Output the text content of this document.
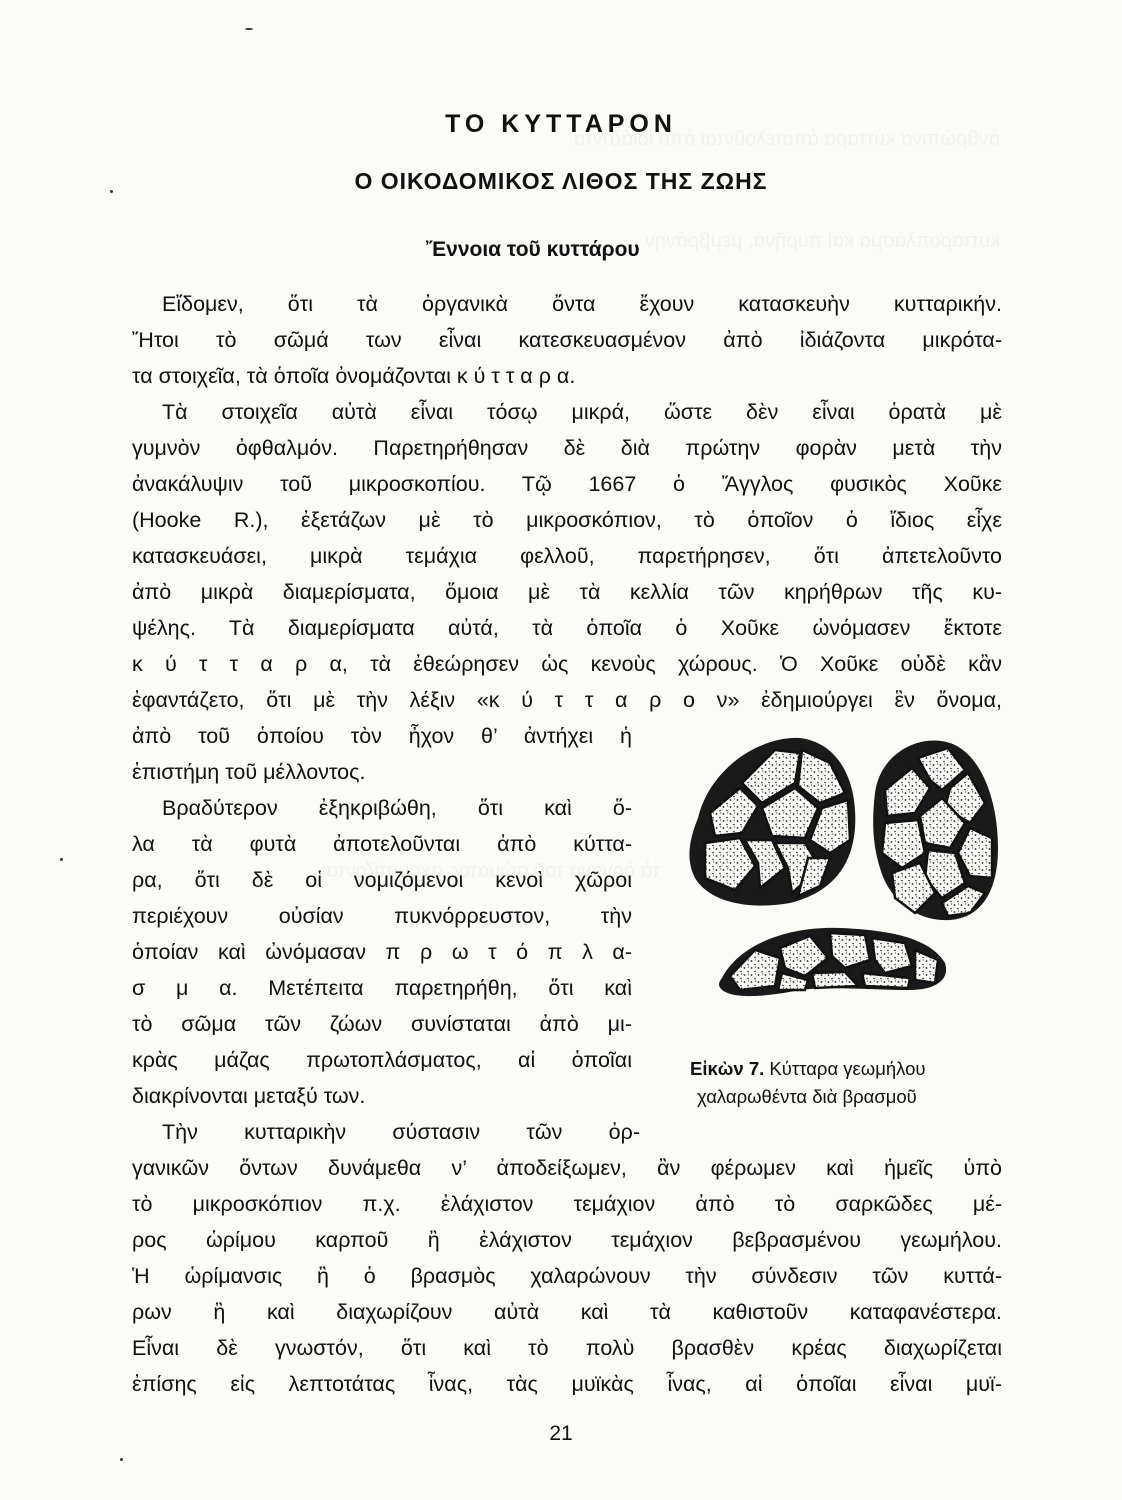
ΤΟ ΚΥΤΤΑΡΟΝ
Ο ΟΙΚΟΔΟΜΙΚΟΣ ΛΙΘΟΣ ΤΗΣ ΖΩΗΣ
Ἔννοια τοῦ κυττάρου
Εἴδομεν, ὅτι τὰ ὀργανικὰ ὄντα ἔχουν κατασκευὴν κυτταρικήν.
Ἤτοι τὸ σῶμά των εἶναι κατεσκευασμένον ἀπὸ ἰδιάζοντα μικρότα-
τα στοιχεῖα, τὰ ὁποῖα ὀνομάζονται κ ύ τ τ α ρ α.
Τὰ στοιχεῖα αὐτὰ εἶναι τόσῳ μικρά, ὥστε δὲν εἶναι ὁρατὰ μὲ
γυμνὸν ὀφθαλμόν. Παρετηρήθησαν δὲ διὰ πρώτην φορὰν μετὰ τὴν
ἀνακάλυψιν τοῦ μικροσκοπίου. Τῷ 1667 ὁ Ἄγγλος φυσικὸς Χοῦκε
(Hooke R.), ἐξετάζων μὲ τὸ μικροσκόπιον, τὸ ὁποῖον ὁ ἴδιος εἶχε
κατασκευάσει, μικρὰ τεμάχια φελλοῦ, παρετήρησεν, ὅτι ἀπετελοῦντο
ἀπὸ μικρὰ διαμερίσματα, ὅμοια μὲ τὰ κελλία τῶν κηρήθρων τῆς κυ-
ψέλης. Τὰ διαμερίσματα αὐτά, τὰ ὁποῖα ὁ Χοῦκε ὠνόμασεν ἔκτοτε
κ ύ τ τ α ρ α, τὰ ἐθεώρησεν ὡς κενοὺς χώρους. Ὁ Χοῦκε οὐδὲ κἂν
ἐφαντάζετο, ὅτι μὲ τὴν λέξιν «κ ύ τ τ α ρ ο ν» ἐδημιούργει ἓν ὄνομα,
ἀπὸ τοῦ ὁποίου τὸν ἦχον θ’ ἀντήχει ἡ
ἐπιστήμη τοῦ μέλλοντος.
Βραδύτερον ἐξηκριβώθη, ὅτι καὶ ὅ-
λα τὰ φυτὰ ἀποτελοῦνται ἀπὸ κύττα-
ρα, ὅτι δὲ οἱ νομιζόμενοι κενοὶ χῶροι
περιέχουν οὐσίαν πυκνόρρευστον, τὴν
ὁποίαν καὶ ὠνόμασαν π ρ ω τ ό π λ α-
σ μ α. Μετέπειτα παρετηρήθη, ὅτι καὶ
τὸ σῶμα τῶν ζώων συνίσταται ἀπὸ μι-
κρὰς μάζας πρωτοπλάσματος, αἱ ὁποῖαι
διακρίνονται μεταξύ των.
Τὴν κυτταρικὴν σύστασιν τῶν ὀρ-
γανικῶν ὄντων δυνάμεθα ν’ ἀποδείξωμεν, ἂν φέρωμεν καὶ ἡμεῖς ὑπὸ
τὸ μικροσκόπιον π.χ. ἐλάχιστον τεμάχιον ἀπὸ τὸ σαρκῶδες μέ-
ρος ὡρίμου καρποῦ ἢ ἐλάχιστον τεμάχιον βεβρασμένου γεωμήλου.
Ἡ ὡρίμανσις ἢ ὁ βρασμὸς χαλαρώνουν τὴν σύνδεσιν τῶν κυττά-
ρων ἢ καὶ διαχωρίζουν αὐτὰ καὶ τὰ καθιστοῦν καταφανέστερα.
Εἶναι δὲ γνωστόν, ὅτι καὶ τὸ πολὺ βρασθὲν κρέας διαχωρίζεται
ἐπίσης εἰς λεπτοτάτας ἶνας, τὰς μυϊκὰς ἶνας, αἱ ὁποῖαι εἶναι μυϊ-
Εἰκὼν 7. Κύτταρα γεωμήλου
χαλαρωθέντα διὰ βρασμοῦ
21
